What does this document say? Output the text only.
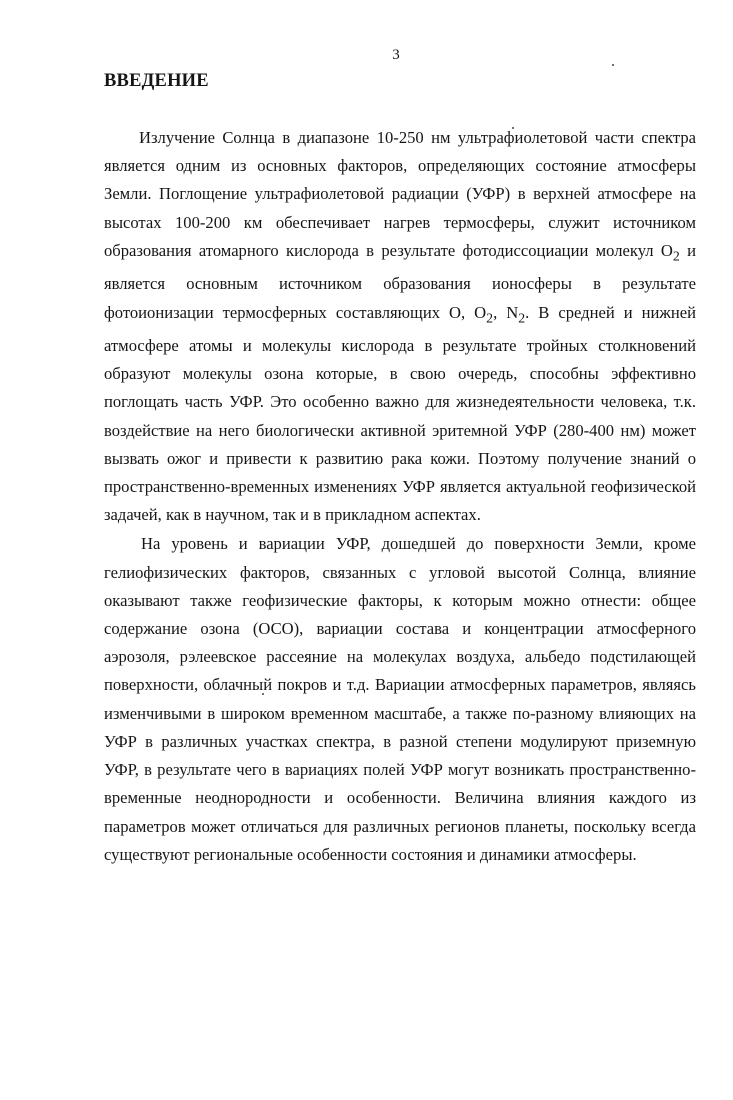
3
ВВЕДЕНИЕ

Излучение Солнца в диапазоне 10-250 нм ультрафиолетовой части спектра является одним из основных факторов, определяющих состояние атмосферы Земли. Поглощение ультрафиолетовой радиации (УФР) в верхней атмосфере на высотах 100-200 км обеспечивает нагрев термосферы, служит источником образования атомарного кислорода в результате фотодиссоциации молекул $O_2$ и является основным источником образования ионосферы в результате фотоионизации термосферных составляющих O, $O_2$, $N_2$. В средней и нижней атмосфере атомы и молекулы кислорода в результате тройных столкновений образуют молекулы озона которые, в свою очередь, способны эффективно поглощать часть УФР. Это особенно важно для жизнедеятельности человека, т.к. воздействие на него биологически активной эритемной УФР (280-400 нм) может вызвать ожог и привести к развитию рака кожи. Поэтому получение знаний о пространственно-временных изменениях УФР является актуальной геофизической задачей, как в научном, так и в прикладном аспектах.

На уровень и вариации УФР, дошедшей до поверхности Земли, кроме гелиофизических факторов, связанных с угловой высотой Солнца, влияние оказывают также геофизические факторы, к которым можно отнести: общее содержание озона (ОСО), вариации состава и концентрации атмосферного аэрозоля, рэлеевское рассеяние на молекулах воздуха, альбедо подстилающей поверхности, облачный покров и т.д. Вариации атмосферных параметров, являясь изменчивыми в широком временном масштабе, а также по-разному влияющих на УФР в различных участках спектра, в разной степени модулируют приземную УФР, в результате чего в вариациях полей УФР могут возникать пространственно-временные неоднородности и особенности. Величина влияния каждого из параметров может отличаться для различных регионов планеты, поскольку всегда существуют региональные особенности состояния и динамики атмосферы.
